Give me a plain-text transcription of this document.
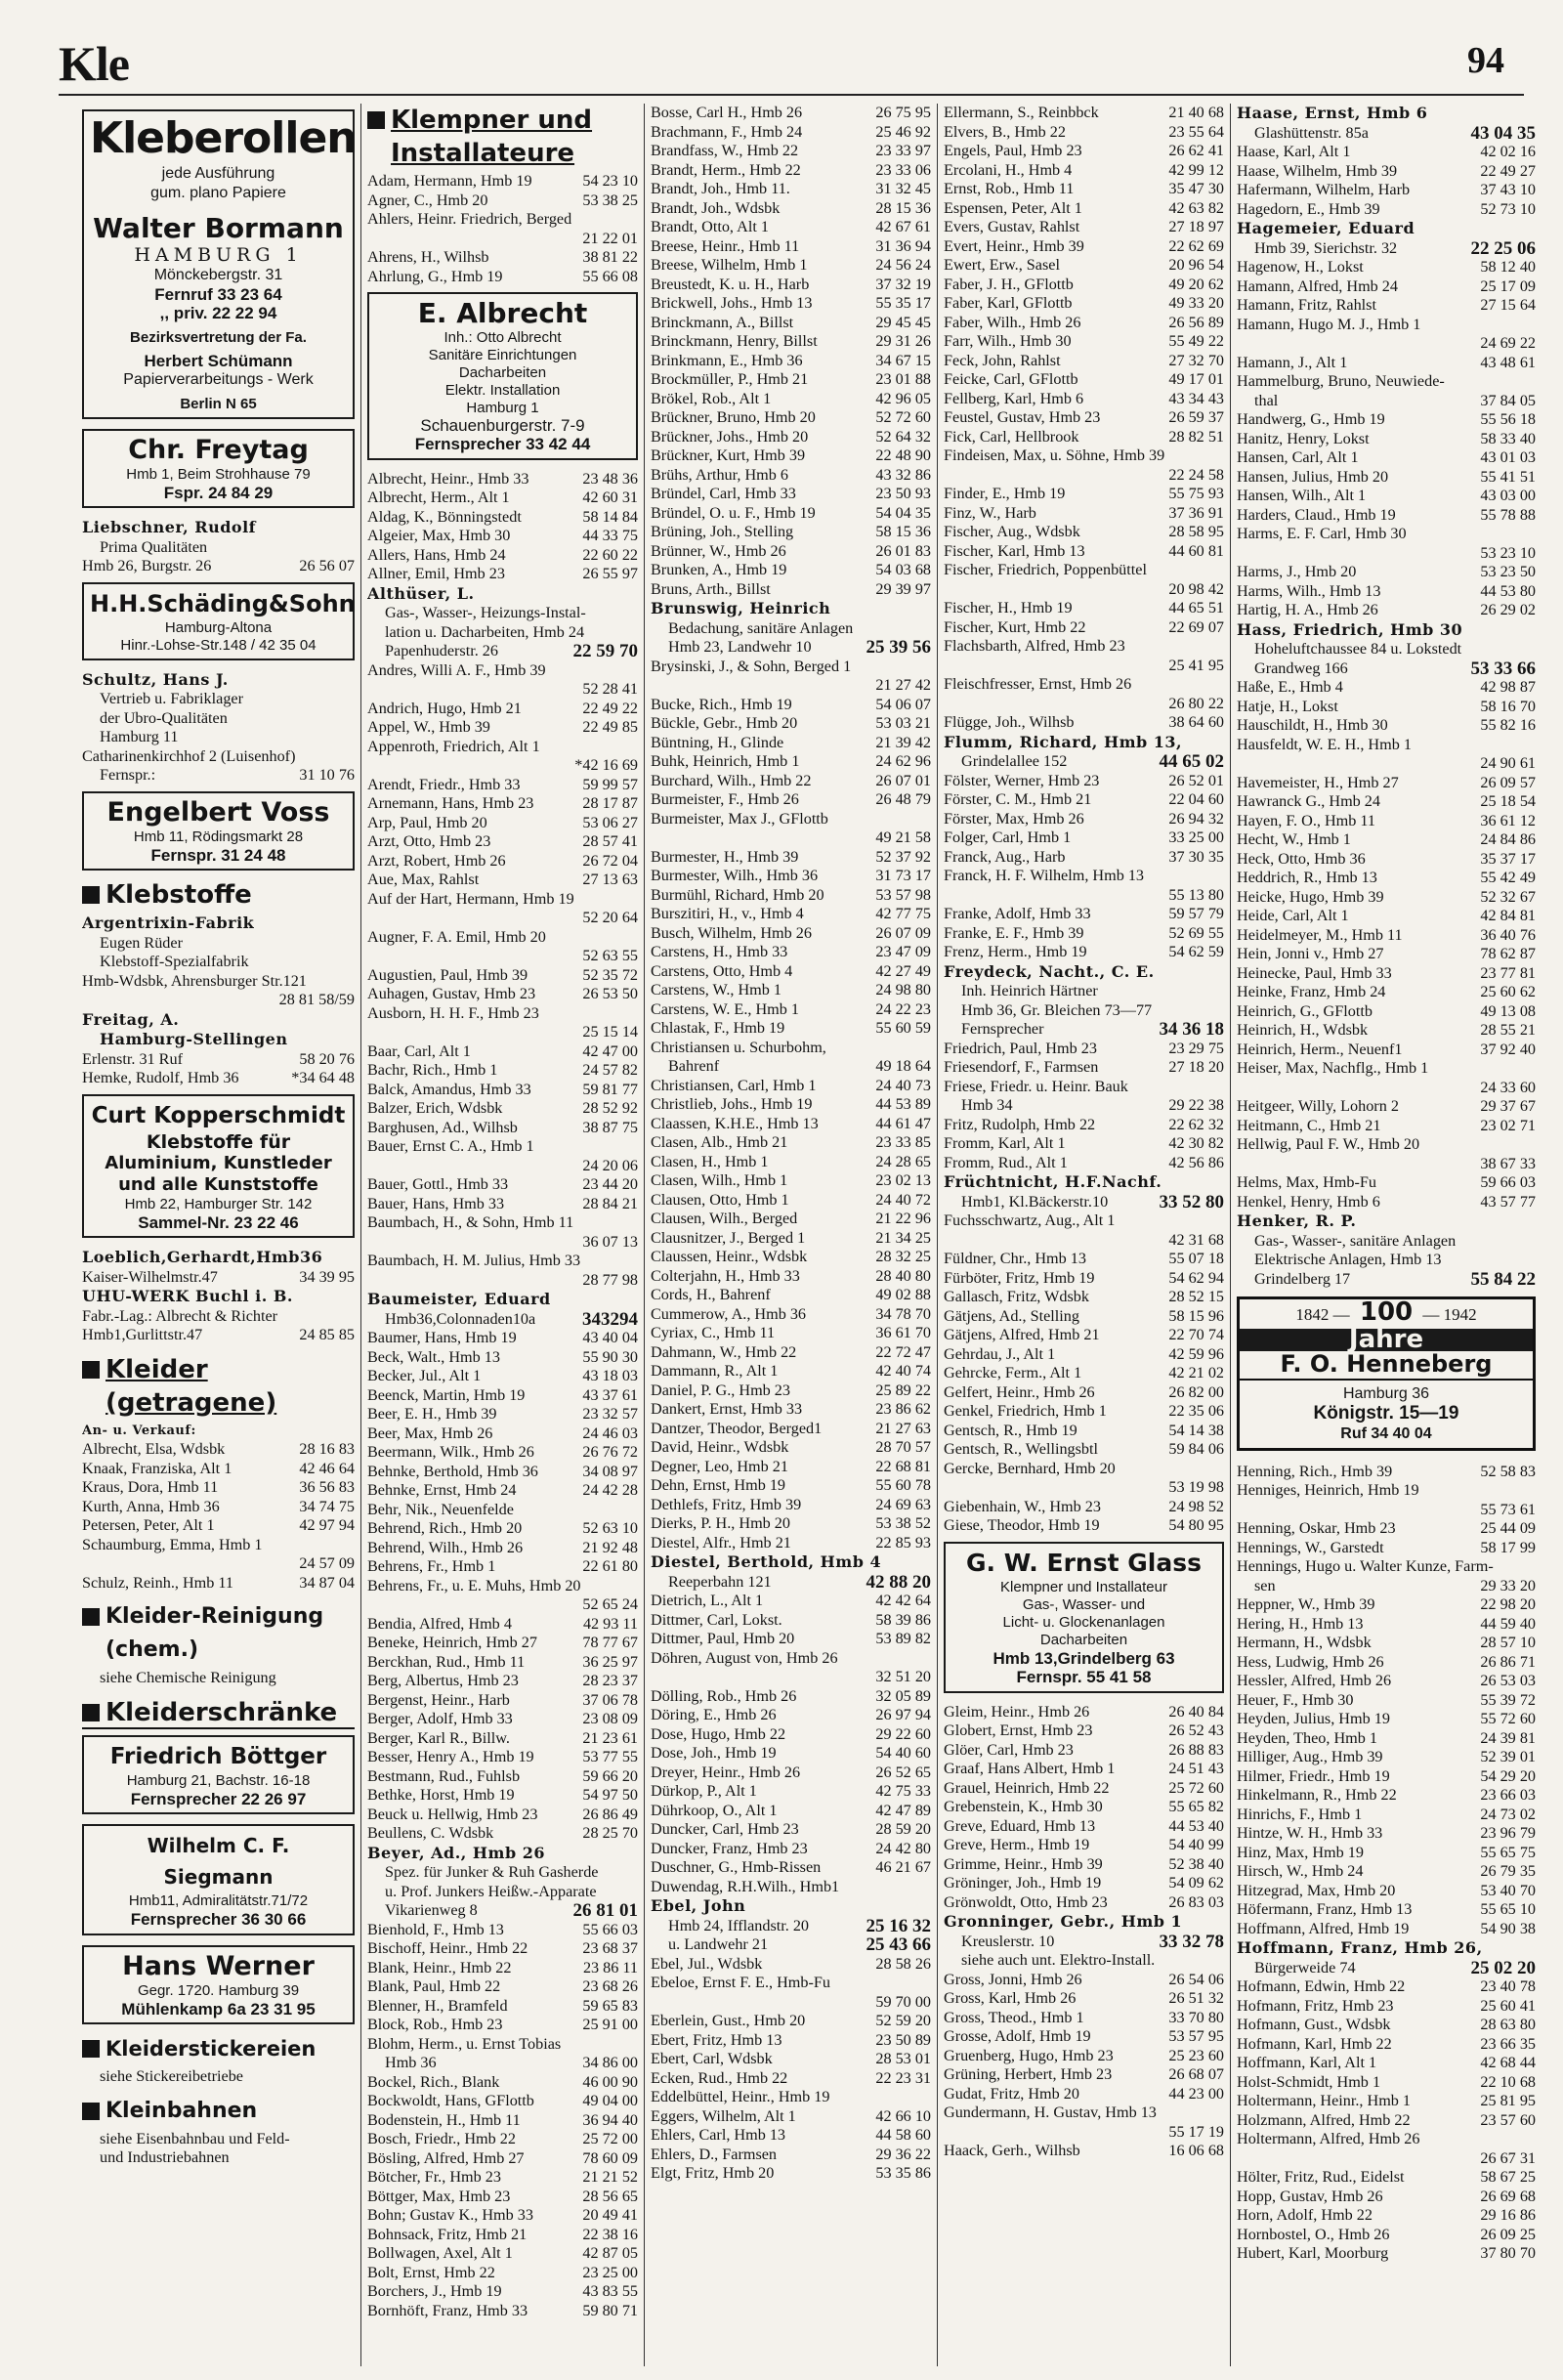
Kle	94
Kleberollen
jede Ausführung
gum. plano Papiere
Walter Bormann
HAMBURG 1
Mönckebergstr. 31
Fernruf 33 23 64
,, priv. 22 22 94
Bezirksvertretung der Fa.
Herbert Schümann
Papierverarbeitungs - Werk
Berlin N 65
Chr. Freytag
Hmb 1, Beim Strohhause 79
Fspr. 24 84 29
Liebschner, Rudolf
Prima Qualitäten
26 56 07
Hmb 26, Burgstr. 26
H.H.Schäding&Sohn
Hamburg-Altona
Hinr.-Lohse-Str.148 / 42 35 04
Schultz, Hans J.
Vertrieb u. Fabriklager
der Ubro-Qualitäten
Hamburg 11
Catharinenkirchhof 2 (Luisenhof)
31 10 76
Fernspr.:
Engelbert Voss
Hmb 11, Rödingsmarkt 28
Fernspr. 31 24 48
Klebstoffe
Argentrixin-Fabrik
Eugen Rüder
Klebstoff-Spezialfabrik
Hmb-Wdsbk, Ahrensburger Str.121
28 81 58/59
Freitag, A.
Hamburg-Stellingen
58 20 76
Erlenstr. 31 Ruf
*34 64 48
Hemke, Rudolf, Hmb 36
Curt Kopperschmidt
Klebstoffe für
Aluminium, Kunstleder
und alle Kunststoffe
Hmb 22, Hamburger Str. 142
Sammel-Nr. 23 22 46
Loeblich,Gerhardt,Hmb36
34 39 95
Kaiser-Wilhelmstr.47
UHU-WERK Buchl i. B.
Fabr.-Lag.: Albrecht & Richter
24 85 85
Hmb1,Gurlittstr.47
Kleider
(getragene)
An- u. Verkauf:
28 16 83
Albrecht, Elsa, Wdsbk
42 46 64
Knaak, Franziska, Alt 1
36 56 83
Kraus, Dora, Hmb 11
34 74 75
Kurth, Anna, Hmb 36
42 97 94
Petersen, Peter, Alt 1
Schaumburg, Emma, Hmb 1
24 57 09
34 87 04
Schulz, Reinh., Hmb 11
Kleider-Reinigung
(chem.)
siehe Chemische Reinigung
Kleiderschränke
Friedrich Böttger
Hamburg 21, Bachstr. 16-18
Fernsprecher 22 26 97
Wilhelm C. F. Siegmann
Hmb11, Admiralitätstr.71/72
Fernsprecher 36 30 66
Hans Werner
Gegr. 1720. Hamburg 39
Mühlenkamp 6a 23 31 95
Kleiderstickereien
siehe Stickereibetriebe
Kleinbahnen
siehe Eisenbahnbau und Feld-
und Industriebahnen
Klempner und
Installateure
54 23 10
Adam, Hermann, Hmb 19
53 38 25
Agner, C., Hmb 20
Ahlers, Heinr. Friedrich, Berged
21 22 01
38 81 22
Ahrens, H., Wilhsb
55 66 08
Ahrlung, G., Hmb 19
E. Albrecht
Inh.: Otto Albrecht
Sanitäre Einrichtungen
Dacharbeiten
Elektr. Installation
Hamburg 1
Schauenburgerstr. 7-9
Fernsprecher 33 42 44
23 48 36
Albrecht, Heinr., Hmb 33
42 60 31
Albrecht, Herm., Alt 1
58 14 84
Aldag, K., Bönningstedt
44 33 75
Algeier, Max, Hmb 30
22 60 22
Allers, Hans, Hmb 24
26 55 97
Allner, Emil, Hmb 23
Althüser, L.
Gas-, Wasser-, Heizungs-Instal-
lation u. Dacharbeiten, Hmb 24
22 59 70
Papenhuderstr. 26
Andres, Willi A. F., Hmb 39
52 28 41
22 49 22
Andrich, Hugo, Hmb 21
22 49 85
Appel, W., Hmb 39
Appenroth, Friedrich, Alt 1
*42 16 69
59 99 57
Arendt, Friedr., Hmb 33
28 17 87
Arnemann, Hans, Hmb 23
53 06 27
Arp, Paul, Hmb 20
28 57 41
Arzt, Otto, Hmb 23
26 72 04
Arzt, Robert, Hmb 26
27 13 63
Aue, Max, Rahlst
Auf der Hart, Hermann, Hmb 19
52 20 64
Augner, F. A. Emil, Hmb 20
52 63 55
52 35 72
Augustien, Paul, Hmb 39
26 53 50
Auhagen, Gustav, Hmb 23
Ausborn, H. H. F., Hmb 23
25 15 14
42 47 00
Baar, Carl, Alt 1
24 57 82
Bachr, Rich., Hmb 1
59 81 77
Balck, Amandus, Hmb 33
28 52 92
Balzer, Erich, Wdsbk
38 87 75
Barghusen, Ad., Wilhsb
Bauer, Ernst C. A., Hmb 1
24 20 06
23 44 20
Bauer, Gottl., Hmb 33
28 84 21
Bauer, Hans, Hmb 33
Baumbach, H., & Sohn, Hmb 11
36 07 13
Baumbach, H. M. Julius, Hmb 33
28 77 98
Baumeister, Eduard
343294
Hmb36,Colonnaden10a
43 40 04
Baumer, Hans, Hmb 19
55 90 30
Beck, Walt., Hmb 13
43 18 03
Becker, Jul., Alt 1
43 37 61
Beenck, Martin, Hmb 19
23 32 57
Beer, E. H., Hmb 39
24 46 03
Beer, Max, Hmb 26
26 76 72
Beermann, Wilk., Hmb 26
34 08 97
Behnke, Berthold, Hmb 36
24 42 28
Behnke, Ernst, Hmb 24
Behr, Nik., Neuenfelde
52 63 10
Behrend, Rich., Hmb 20
21 92 48
Behrend, Wilh., Hmb 26
22 61 80
Behrens, Fr., Hmb 1
Behrens, Fr., u. E. Muhs, Hmb 20
52 65 24
42 93 11
Bendia, Alfred, Hmb 4
78 77 67
Beneke, Heinrich, Hmb 27
36 25 97
Berckhan, Rud., Hmb 11
28 23 37
Berg, Albertus, Hmb 23
37 06 78
Bergenst, Heinr., Harb
23 08 09
Berger, Adolf, Hmb 33
21 23 61
Berger, Karl R., Billw.
53 77 55
Besser, Henry A., Hmb 19
59 66 20
Bestmann, Rud., Fuhlsb
54 97 50
Bethke, Horst, Hmb 19
26 86 49
Beuck u. Hellwig, Hmb 23
28 25 70
Beullens, C. Wdsbk
Beyer, Ad., Hmb 26
Spez. für Junker & Ruh Gasherde
u. Prof. Junkers Heißw.-Apparate
26 81 01
Vikarienweg 8
55 66 03
Bienhold, F., Hmb 13
23 68 37
Bischoff, Heinr., Hmb 22
23 86 11
Blank, Heinr., Hmb 22
23 68 26
Blank, Paul, Hmb 22
59 65 83
Blenner, H., Bramfeld
25 91 00
Block, Rob., Hmb 23
Blohm, Herm., u. Ernst Tobias
34 86 00
Hmb 36
46 00 90
Bockel, Rich., Blank
49 04 00
Bockwoldt, Hans, GFlottb
36 94 40
Bodenstein, H., Hmb 11
25 72 00
Bosch, Friedr., Hmb 22
78 60 09
Bösling, Alfred, Hmb 27
21 21 52
Bötcher, Fr., Hmb 23
28 56 65
Böttger, Max, Hmb 23
20 49 41
Bohn; Gustav K., Hmb 33
22 38 16
Bohnsack, Fritz, Hmb 21
42 87 05
Bollwagen, Axel, Alt 1
23 25 00
Bolt, Ernst, Hmb 22
43 83 55
Borchers, J., Hmb 19
59 80 71
Bornhöft, Franz, Hmb 33
26 75 95
Bosse, Carl H., Hmb 26
25 46 92
Brachmann, F., Hmb 24
23 33 97
Brandfass, W., Hmb 22
23 33 06
Brandt, Herm., Hmb 22
31 32 45
Brandt, Joh., Hmb 11.
28 15 36
Brandt, Joh., Wdsbk
42 67 61
Brandt, Otto, Alt 1
31 36 94
Breese, Heinr., Hmb 11
24 56 24
Breese, Wilhelm, Hmb 1
37 32 19
Breustedt, K. u. H., Harb
55 35 17
Brickwell, Johs., Hmb 13
29 45 45
Brinckmann, A., Billst
29 31 26
Brinckmann, Henry, Billst
34 67 15
Brinkmann, E., Hmb 36
23 01 88
Brockmüller, P., Hmb 21
42 96 05
Brökel, Rob., Alt 1
52 72 60
Brückner, Bruno, Hmb 20
52 64 32
Brückner, Johs., Hmb 20
22 48 90
Brückner, Kurt, Hmb 39
43 32 86
Brühs, Arthur, Hmb 6
23 50 93
Bründel, Carl, Hmb 33
54 04 35
Bründel, O. u. F., Hmb 19
58 15 36
Brüning, Joh., Stelling
26 01 83
Brünner, W., Hmb 26
54 03 68
Brunken, A., Hmb 19
29 39 97
Bruns, Arth., Billst
Brunswig, Heinrich
Bedachung, sanitäre Anlagen
25 39 56
Hmb 23, Landwehr 10
Brysinski, J., & Sohn, Berged 1
21 27 42
54 06 07
Bucke, Rich., Hmb 19
53 03 21
Bückle, Gebr., Hmb 20
21 39 42
Büntning, H., Glinde
24 62 96
Buhk, Heinrich, Hmb 1
26 07 01
Burchard, Wilh., Hmb 22
26 48 79
Burmeister, F., Hmb 26
Burmeister, Max J., GFlottb
49 21 58
52 37 92
Burmester, H., Hmb 39
31 73 17
Burmester, Wilh., Hmb 36
53 57 98
Burmühl, Richard, Hmb 20
42 77 75
Burszitiri, H., v., Hmb 4
26 07 09
Busch, Wilhelm, Hmb 26
23 47 09
Carstens, H., Hmb 33
42 27 49
Carstens, Otto, Hmb 4
24 98 80
Carstens, W., Hmb 1
24 22 23
Carstens, W. E., Hmb 1
55 60 59
Chlastak, F., Hmb 19
Christiansen u. Schurbohm,
49 18 64
Bahrenf
24 40 73
Christiansen, Carl, Hmb 1
44 53 89
Christlieb, Johs., Hmb 19
44 61 47
Claassen, K.H.E., Hmb 13
23 33 85
Clasen, Alb., Hmb 21
24 28 65
Clasen, H., Hmb 1
23 02 13
Clasen, Wilh., Hmb 1
24 40 72
Clausen, Otto, Hmb 1
21 22 96
Clausen, Wilh., Berged
21 34 25
Clausnitzer, J., Berged 1
28 32 25
Claussen, Heinr., Wdsbk
28 40 80
Colterjahn, H., Hmb 33
49 02 88
Cords, H., Bahrenf
34 78 70
Cummerow, A., Hmb 36
36 61 70
Cyriax, C., Hmb 11
22 72 47
Dahmann, W., Hmb 22
42 40 74
Dammann, R., Alt 1
25 89 22
Daniel, P. G., Hmb 23
23 86 62
Dankert, Ernst, Hmb 33
21 27 63
Dantzer, Theodor, Berged1
28 70 57
David, Heinr., Wdsbk
22 68 81
Degner, Leo, Hmb 21
55 60 78
Dehn, Ernst, Hmb 19
24 69 63
Dethlefs, Fritz, Hmb 39
53 38 52
Dierks, P. H., Hmb 20
22 85 93
Diestel, Alfr., Hmb 21
Diestel, Berthold, Hmb 4
42 88 20
Reeperbahn 121
42 42 64
Dietrich, L., Alt 1
58 39 86
Dittmer, Carl, Lokst.
53 89 82
Dittmer, Paul, Hmb 20
Döhren, August von, Hmb 26
32 51 20
32 05 89
Dölling, Rob., Hmb 26
26 97 94
Döring, E., Hmb 26
29 22 60
Dose, Hugo, Hmb 22
54 40 60
Dose, Joh., Hmb 19
26 52 65
Dreyer, Heinr., Hmb 26
42 75 33
Dürkop, P., Alt 1
42 47 89
Dührkoop, O., Alt 1
28 59 20
Duncker, Carl, Hmb 23
24 42 80
Duncker, Franz, Hmb 23
46 21 67
Duschner, G., Hmb-Rissen
Duwendag, R.H.Wilh., Hmb1
Ebel, John
25 16 32
Hmb 24, Ifflandstr. 20
25 43 66
u. Landwehr 21
28 58 26
Ebel, Jul., Wdsbk
Ebeloe, Ernst F. E., Hmb-Fu
59 70 00
52 59 20
Eberlein, Gust., Hmb 20
23 50 89
Ebert, Fritz, Hmb 13
28 53 01
Ebert, Carl, Wdsbk
22 23 31
Ecken, Rud., Hmb 22
Eddelbüttel, Heinr., Hmb 19
42 66 10
Eggers, Wilhelm, Alt 1
44 58 60
Ehlers, Carl, Hmb 13
29 36 22
Ehlers, D., Farmsen
53 35 86
Elgt, Fritz, Hmb 20
21 40 68
Ellermann, S., Reinbbck
23 55 64
Elvers, B., Hmb 22
26 62 41
Engels, Paul, Hmb 23
42 99 12
Ercolani, H., Hmb 4
35 47 30
Ernst, Rob., Hmb 11
42 63 82
Espensen, Peter, Alt 1
27 18 97
Evers, Gustav, Rahlst
22 62 69
Evert, Heinr., Hmb 39
20 96 54
Ewert, Erw., Sasel
49 20 62
Faber, J. H., GFlottb
49 33 20
Faber, Karl, GFlottb
26 56 89
Faber, Wilh., Hmb 26
55 49 22
Farr, Wilh., Hmb 30
27 32 70
Feck, John, Rahlst
49 17 01
Feicke, Carl, GFlottb
43 34 43
Fellberg, Karl, Hmb 6
26 59 37
Feustel, Gustav, Hmb 23
28 82 51
Fick, Carl, Hellbrook
Findeisen, Max, u. Söhne, Hmb 39
22 24 58
55 75 93
Finder, E., Hmb 19
37 36 91
Finz, W., Harb
28 58 95
Fischer, Aug., Wdsbk
44 60 81
Fischer, Karl, Hmb 13
Fischer, Friedrich, Poppenbüttel
20 98 42
44 65 51
Fischer, H., Hmb 19
22 69 07
Fischer, Kurt, Hmb 22
Flachsbarth, Alfred, Hmb 23
25 41 95
Fleischfresser, Ernst, Hmb 26
26 80 22
38 64 60
Flügge, Joh., Wilhsb
Flumm, Richard, Hmb 13,
44 65 02
Grindelallee 152
26 52 01
Fölster, Werner, Hmb 23
22 04 60
Förster, C. M., Hmb 21
26 94 32
Förster, Max, Hmb 26
33 25 00
Folger, Carl, Hmb 1
37 30 35
Franck, Aug., Harb
Franck, H. F. Wilhelm, Hmb 13
55 13 80
59 57 79
Franke, Adolf, Hmb 33
52 69 55
Franke, E. F., Hmb 39
54 62 59
Frenz, Herm., Hmb 19
Freydeck, Nacht., C. E.
Inh. Heinrich Härtner
Hmb 36, Gr. Bleichen 73—77
34 36 18
Fernsprecher
23 29 75
Friedrich, Paul, Hmb 23
27 18 20
Friesendorf, F., Farmsen
Friese, Friedr. u. Heinr. Bauk
29 22 38
Hmb 34
22 62 32
Fritz, Rudolph, Hmb 22
42 30 82
Fromm, Karl, Alt 1
42 56 86
Fromm, Rud., Alt 1
Früchtnicht, H.F.Nachf.
33 52 80
Hmb1, Kl.Bäckerstr.10
Fuchsschwartz, Aug., Alt 1
42 31 68
55 07 18
Füldner, Chr., Hmb 13
54 62 94
Fürböter, Fritz, Hmb 19
28 52 15
Gallasch, Fritz, Wdsbk
58 15 96
Gätjens, Ad., Stelling
22 70 74
Gätjens, Alfred, Hmb 21
42 59 96
Gehrdau, J., Alt 1
42 21 02
Gehrcke, Ferm., Alt 1
26 82 00
Gelfert, Heinr., Hmb 26
22 35 06
Genkel, Friedrich, Hmb 1
54 14 38
Gentsch, R., Hmb 19
59 84 06
Gentsch, R., Wellingsbtl
Gercke, Bernhard, Hmb 20
53 19 98
24 98 52
Giebenhain, W., Hmb 23
54 80 95
Giese, Theodor, Hmb 19
G. W. Ernst Glass
Klempner und Installateur
Gas-, Wasser- und
Licht- u. Glockenanlagen
Dacharbeiten
Hmb 13,Grindelberg 63
Fernspr. 55 41 58
26 40 84
Gleim, Heinr., Hmb 26
26 52 43
Globert, Ernst, Hmb 23
26 88 83
Glöer, Carl, Hmb 23
24 51 43
Graaf, Hans Albert, Hmb 1
25 72 60
Grauel, Heinrich, Hmb 22
55 65 82
Grebenstein, K., Hmb 30
44 53 40
Greve, Eduard, Hmb 13
54 40 99
Greve, Herm., Hmb 19
52 38 40
Grimme, Heinr., Hmb 39
54 09 62
Gröninger, Joh., Hmb 19
26 83 03
Grönwoldt, Otto, Hmb 23
Gronninger, Gebr., Hmb 1
33 32 78
Kreuslerstr. 10
siehe auch unt. Elektro-Install.
26 54 06
Gross, Jonni, Hmb 26
26 51 32
Gross, Karl, Hmb 26
33 70 80
Gross, Theod., Hmb 1
53 57 95
Grosse, Adolf, Hmb 19
25 23 60
Gruenberg, Hugo, Hmb 23
26 68 07
Grüning, Herbert, Hmb 23
44 23 00
Gudat, Fritz, Hmb 20
Gundermann, H. Gustav, Hmb 13
55 17 19
16 06 68
Haack, Gerh., Wilhsb
Haase, Ernst, Hmb 6
43 04 35
Glashüttenstr. 85a
42 02 16
Haase, Karl, Alt 1
22 49 27
Haase, Wilhelm, Hmb 39
37 43 10
Hafermann, Wilhelm, Harb
52 73 10
Hagedorn, E., Hmb 39
Hagemeier, Eduard
22 25 06
Hmb 39, Sierichstr. 32
58 12 40
Hagenow, H., Lokst
25 17 09
Hamann, Alfred, Hmb 24
27 15 64
Hamann, Fritz, Rahlst
Hamann, Hugo M. J., Hmb 1
24 69 22
43 48 61
Hamann, J., Alt 1
Hammelburg, Bruno, Neuwiede-
37 84 05
thal
55 56 18
Handwerg, G., Hmb 19
58 33 40
Hanitz, Henry, Lokst
43 01 03
Hansen, Carl, Alt 1
55 41 51
Hansen, Julius, Hmb 20
43 03 00
Hansen, Wilh., Alt 1
55 78 88
Harders, Claud., Hmb 19
Harms, E. F. Carl, Hmb 30
53 23 10
53 23 50
Harms, J., Hmb 20
44 53 80
Harms, Wilh., Hmb 13
26 29 02
Hartig, H. A., Hmb 26
Hass, Friedrich, Hmb 30
Hoheluftchaussee 84 u. Lokstedt
53 33 66
Grandweg 166
42 98 87
Haße, E., Hmb 4
58 16 70
Hatje, H., Lokst
55 82 16
Hauschildt, H., Hmb 30
Hausfeldt, W. E. H., Hmb 1
24 90 61
26 09 57
Havemeister, H., Hmb 27
25 18 54
Hawranck G., Hmb 24
36 61 12
Hayen, F. O., Hmb 11
24 84 86
Hecht, W., Hmb 1
35 37 17
Heck, Otto, Hmb 36
55 42 49
Heddrich, R., Hmb 13
52 32 67
Heicke, Hugo, Hmb 39
42 84 81
Heide, Carl, Alt 1
36 40 76
Heidelmeyer, M., Hmb 11
78 62 87
Hein, Jonni v., Hmb 27
23 77 81
Heinecke, Paul, Hmb 33
25 60 62
Heinke, Franz, Hmb 24
49 13 08
Heinrich, G., GFlottb
28 55 21
Heinrich, H., Wdsbk
37 92 40
Heinrich, Herm., Neuenf1
Heiser, Max, Nachflg., Hmb 1
24 33 60
29 37 67
Heitgeer, Willy, Lohorn 2
23 02 71
Heitmann, C., Hmb 21
Hellwig, Paul F. W., Hmb 20
38 67 33
59 66 03
Helms, Max, Hmb-Fu
43 57 77
Henkel, Henry, Hmb 6
Henker, R. P.
Gas-, Wasser-, sanitäre Anlagen
Elektrische Anlagen, Hmb 13
55 84 22
Grindelberg 17
1842 — 100 — 1942
Jahre
F. O. Henneberg
Hamburg 36
Königstr. 15—19
Ruf 34 40 04
52 58 83
Henning, Rich., Hmb 39
Henniges, Heinrich, Hmb 19
55 73 61
25 44 09
Henning, Oskar, Hmb 23
58 17 99
Hennings, W., Garstedt
Hennings, Hugo u. Walter Kunze, Farm-
29 33 20
sen
22 98 20
Heppner, W., Hmb 39
44 59 40
Hering, H., Hmb 13
28 57 10
Hermann, H., Wdsbk
26 86 71
Hess, Ludwig, Hmb 26
26 53 03
Hessler, Alfred, Hmb 26
55 39 72
Heuer, F., Hmb 30
55 72 60
Heyden, Julius, Hmb 19
24 39 81
Heyden, Theo, Hmb 1
52 39 01
Hilliger, Aug., Hmb 39
54 29 20
Hilmer, Friedr., Hmb 19
23 66 03
Hinkelmann, R., Hmb 22
24 73 02
Hinrichs, F., Hmb 1
23 96 79
Hintze, W. H., Hmb 33
55 65 75
Hinz, Max, Hmb 19
26 79 35
Hirsch, W., Hmb 24
53 40 70
Hitzegrad, Max, Hmb 20
55 65 10
Höfermann, Franz, Hmb 13
54 90 38
Hoffmann, Alfred, Hmb 19
Hoffmann, Franz, Hmb 26,
25 02 20
Bürgerweide 74
23 40 78
Hofmann, Edwin, Hmb 22
25 60 41
Hofmann, Fritz, Hmb 23
28 63 80
Hofmann, Gust., Wdsbk
23 66 35
Hofmann, Karl, Hmb 22
42 68 44
Hoffmann, Karl, Alt 1
22 10 68
Holst-Schmidt, Hmb 1
25 81 95
Holtermann, Heinr., Hmb 1
23 57 60
Holzmann, Alfred, Hmb 22
Holtermann, Alfred, Hmb 26
26 67 31
58 67 25
Hölter, Fritz, Rud., Eidelst
26 69 68
Hopp, Gustav, Hmb 26
29 16 86
Horn, Adolf, Hmb 22
26 09 25
Hornbostel, O., Hmb 26
37 80 70
Hubert, Karl, Moorburg
